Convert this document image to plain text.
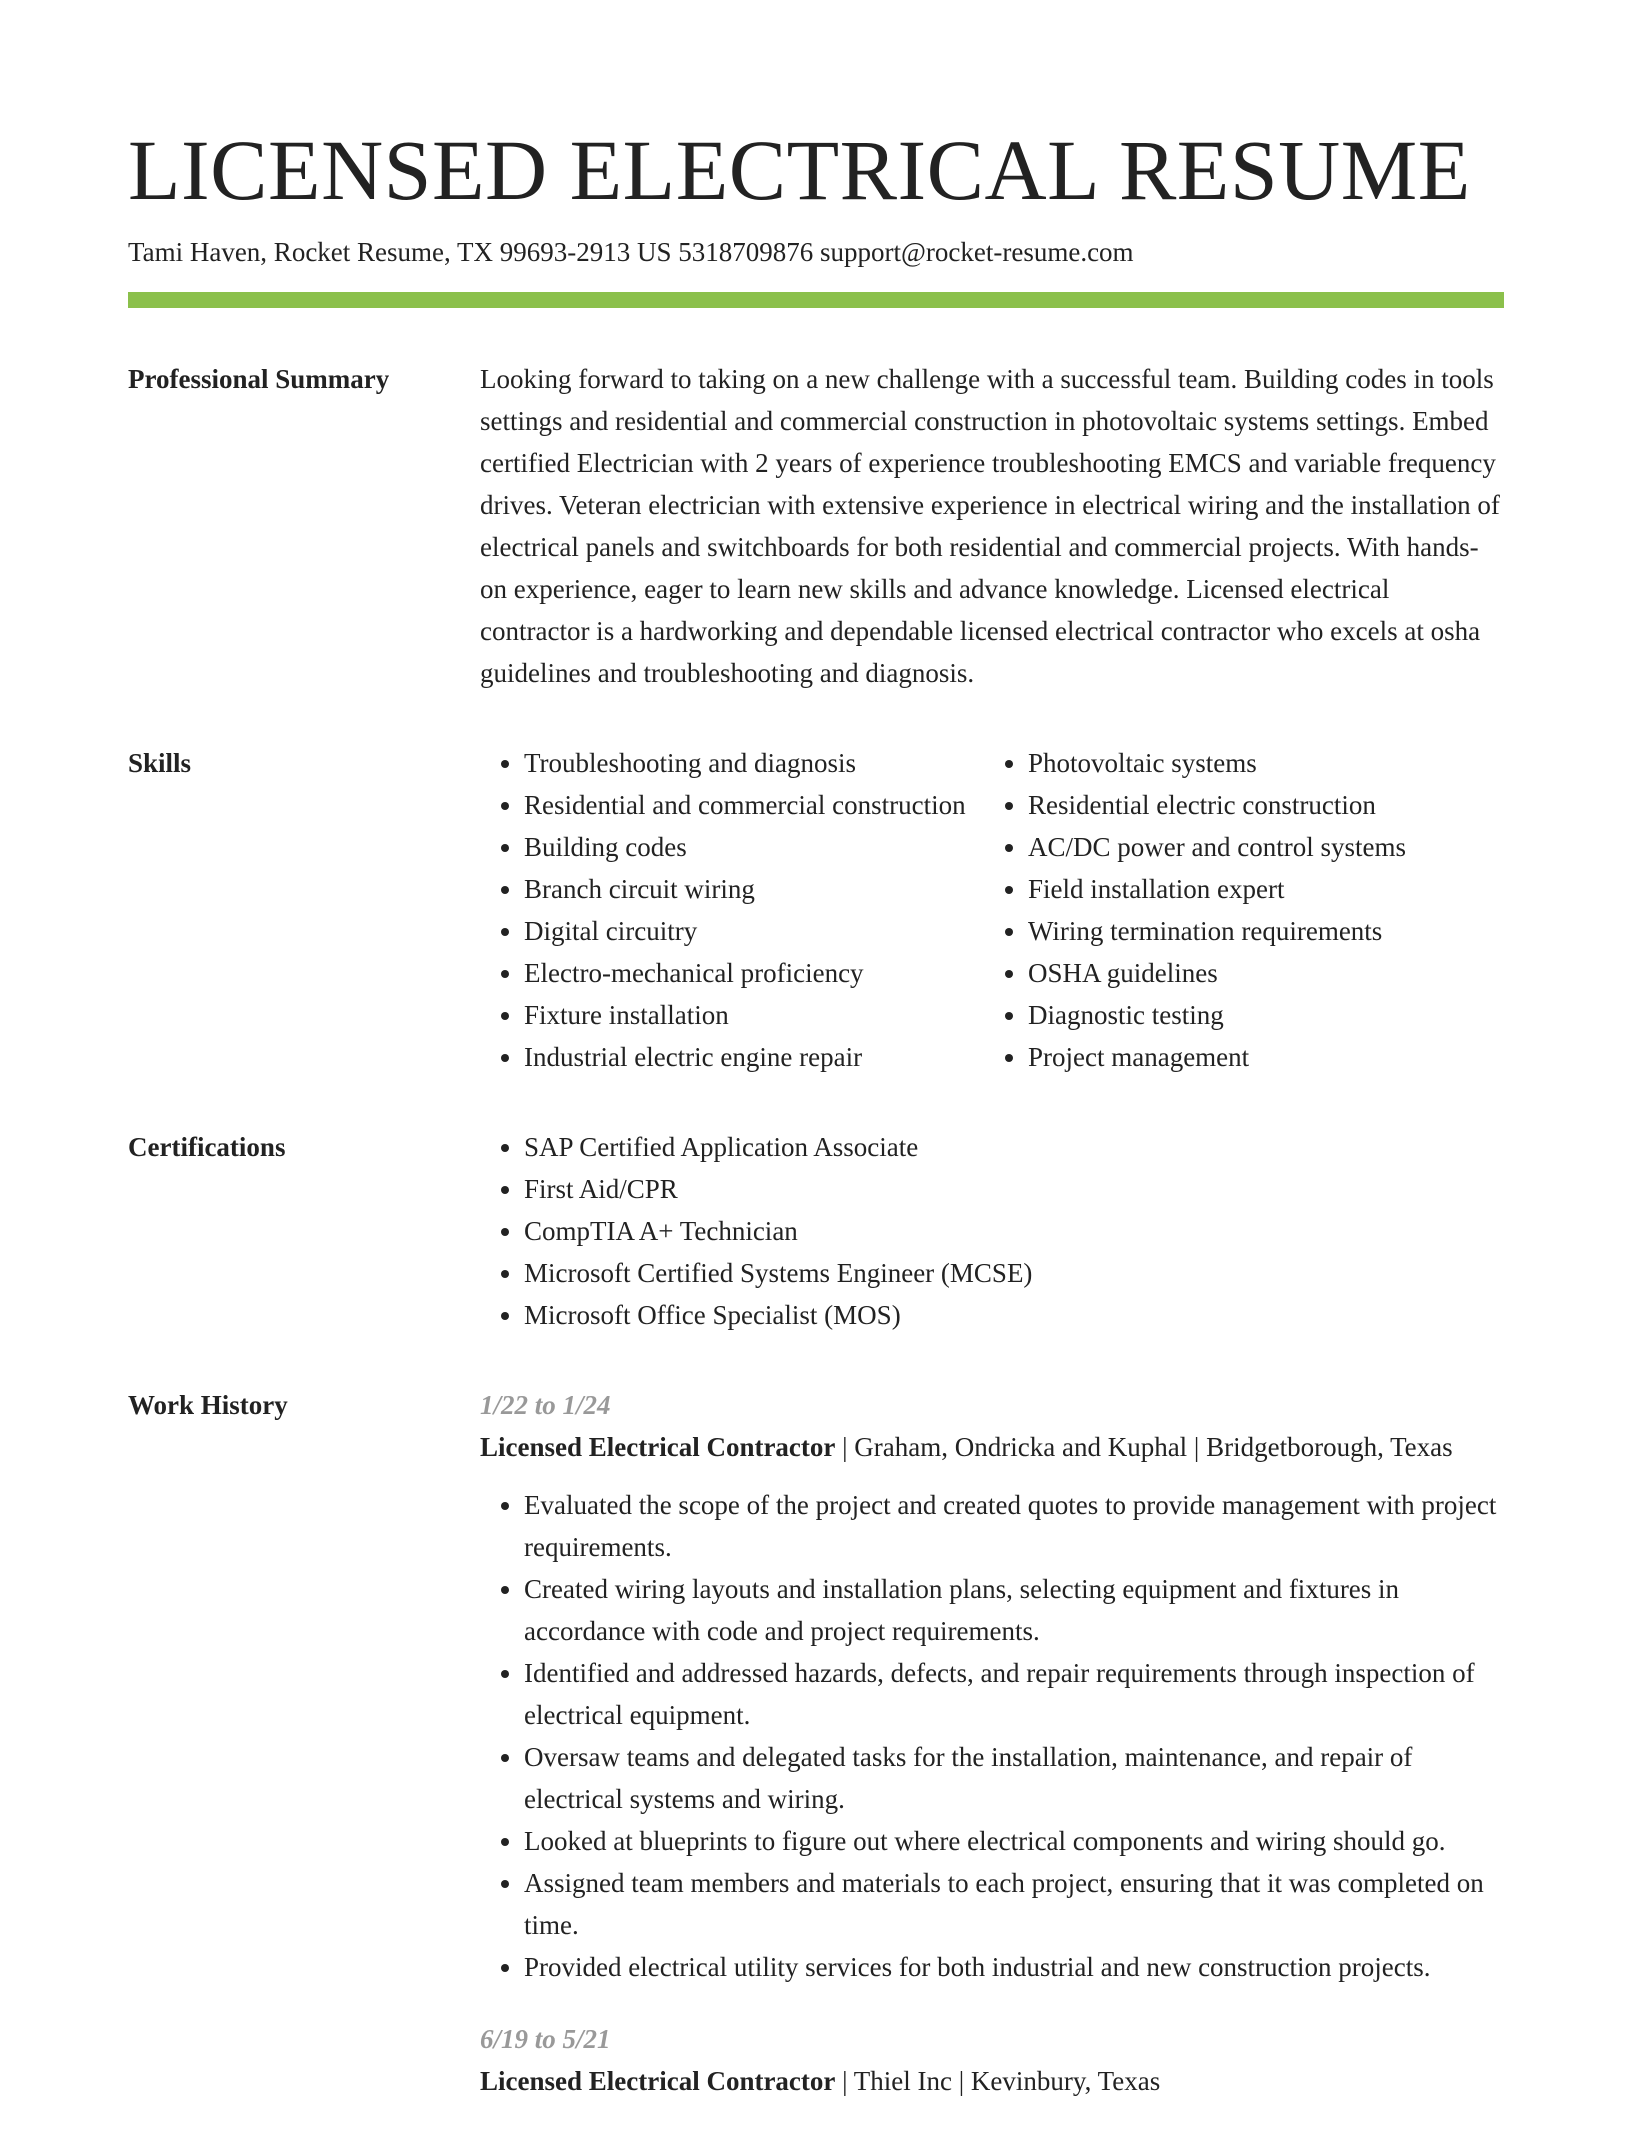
LICENSED ELECTRICAL RESUME
Tami Haven, Rocket Resume, TX 99693-2913 US 5318709876 support@rocket-resume.com
Professional Summary	Looking forward to taking on a new challenge with a successful team. Building codes in tools settings and residential and commercial construction in photovoltaic systems settings. Embed certified Electrician with 2 years of experience troubleshooting EMCS and variable frequency drives. Veteran electrician with extensive experience in electrical wiring and the installation of electrical panels and switchboards for both residential and commercial projects. With hands-on experience, eager to learn new skills and advance knowledge. Licensed electrical contractor is a hardworking and dependable licensed electrical contractor who excels at osha guidelines and troubleshooting and diagnosis.

Skills	• Troubleshooting and diagnosis
• Residential and commercial construction
• Building codes
• Branch circuit wiring
• Digital circuitry
• Electro-mechanical proficiency
• Fixture installation
• Industrial electric engine repair
• Photovoltaic systems
• Residential electric construction
• AC/DC power and control systems
• Field installation expert
• Wiring termination requirements
• OSHA guidelines
• Diagnostic testing
• Project management
Certifications	• SAP Certified Application Associate
• First Aid/CPR
• CompTIA A+ Technician
• Microsoft Certified Systems Engineer (MCSE)
• Microsoft Office Specialist (MOS)
Work History	1/22 to 1/24
Licensed Electrical Contractor | Graham, Ondricka and Kuphal | Bridgetborough, Texas
• Evaluated the scope of the project and created quotes to provide management with project requirements.
• Created wiring layouts and installation plans, selecting equipment and fixtures in accordance with code and project requirements.
• Identified and addressed hazards, defects, and repair requirements through inspection of electrical equipment.
• Oversaw teams and delegated tasks for the installation, maintenance, and repair of electrical systems and wiring.
• Looked at blueprints to figure out where electrical components and wiring should go.
• Assigned team members and materials to each project, ensuring that it was completed on time.
• Provided electrical utility services for both industrial and new construction projects.
6/19 to 5/21
Licensed Electrical Contractor | Thiel Inc | Kevinbury, Texas
